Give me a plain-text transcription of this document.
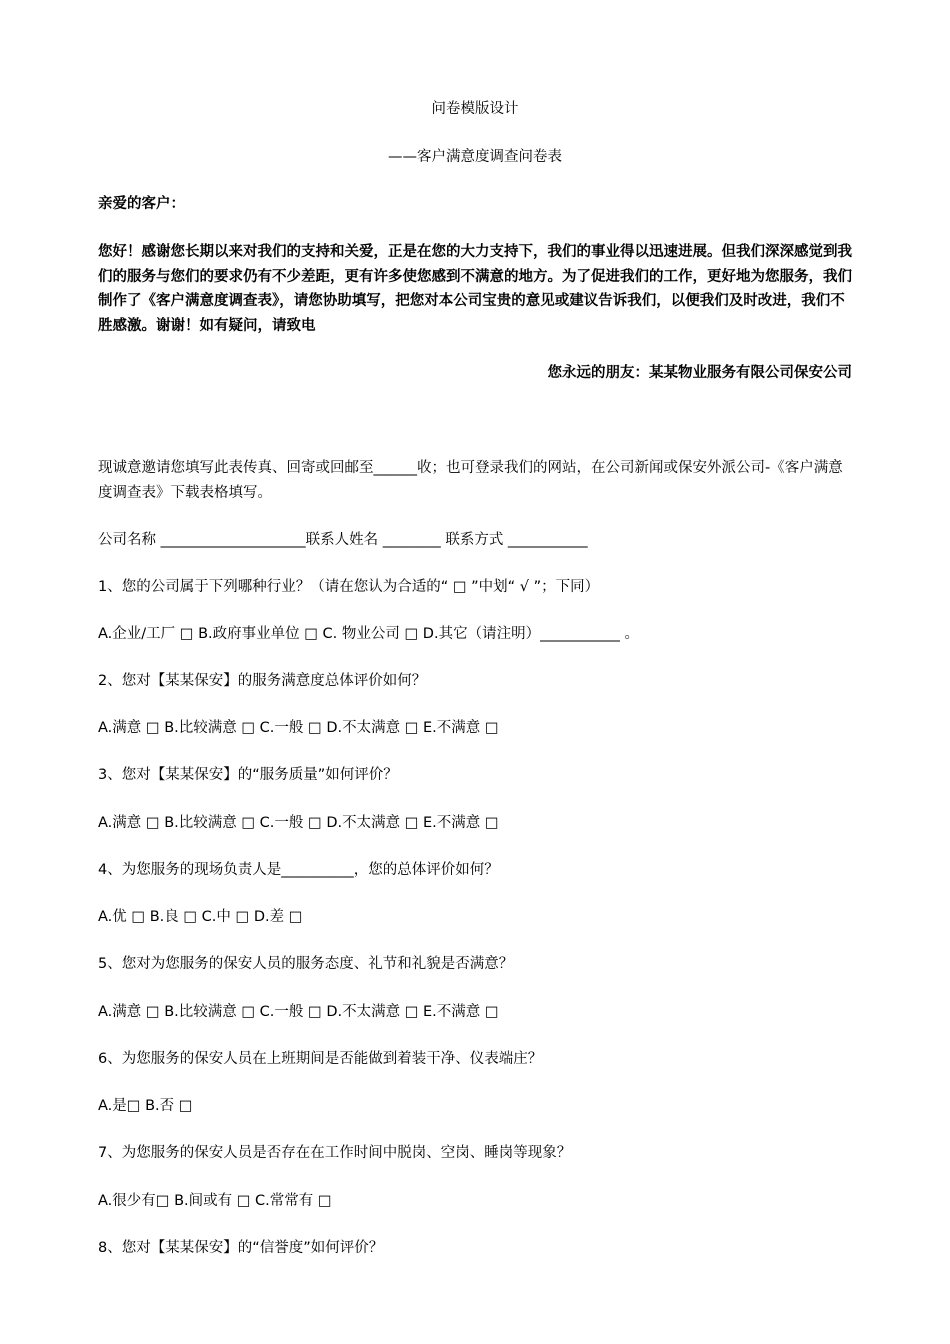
问卷模版设计
——客户满意度调查问卷表
亲爱的客户：
您好！感谢您长期以来对我们的支持和关爱，正是在您的大力支持下，我们的事业得以迅速进展。但我们深深感觉到我们的服务与您们的要求仍有不少差距，更有许多使您感到不满意的地方。为了促进我们的工作，更好地为您服务，我们制作了《客户满意度调查表》，请您协助填写，把您对本公司宝贵的意见或建议告诉我们，以便我们及时改进，我们不胜感激。谢谢！如有疑问，请致电
您永远的朋友：某某物业服务有限公司保安公司
现诚意邀请您填写此表传真、回寄或回邮至______收；也可登录我们的网站，在公司新闻或保安外派公司-《客户满意度调查表》下载表格填写。
公司名称 ____________________联系人姓名 ________ 联系方式 ___________
1、您的公司属于下列哪种行业？（请在您认为合适的“ □ ”中划“ √ ”；下同）
A.企业/工厂 □ B.政府事业单位 □ C. 物业公司 □ D.其它（请注明）___________ 。
2、您对【某某保安】的服务满意度总体评价如何？
A.满意 □ B.比较满意 □ C.一般 □ D.不太满意 □ E.不满意 □
3、您对【某某保安】的“服务质量”如何评价？
A.满意 □ B.比较满意 □ C.一般 □ D.不太满意 □ E.不满意 □
4、为您服务的现场负责人是__________，您的总体评价如何？
A.优 □ B.良 □ C.中 □ D.差 □
5、您对为您服务的保安人员的服务态度、礼节和礼貌是否满意？
A.满意 □ B.比较满意 □ C.一般 □ D.不太满意 □ E.不满意 □
6、为您服务的保安人员在上班期间是否能做到着装干净、仪表端庄？
A.是□ B.否 □
7、为您服务的保安人员是否存在在工作时间中脱岗、空岗、睡岗等现象？
A.很少有□ B.间或有 □ C.常常有 □
8、您对【某某保安】的“信誉度”如何评价？
